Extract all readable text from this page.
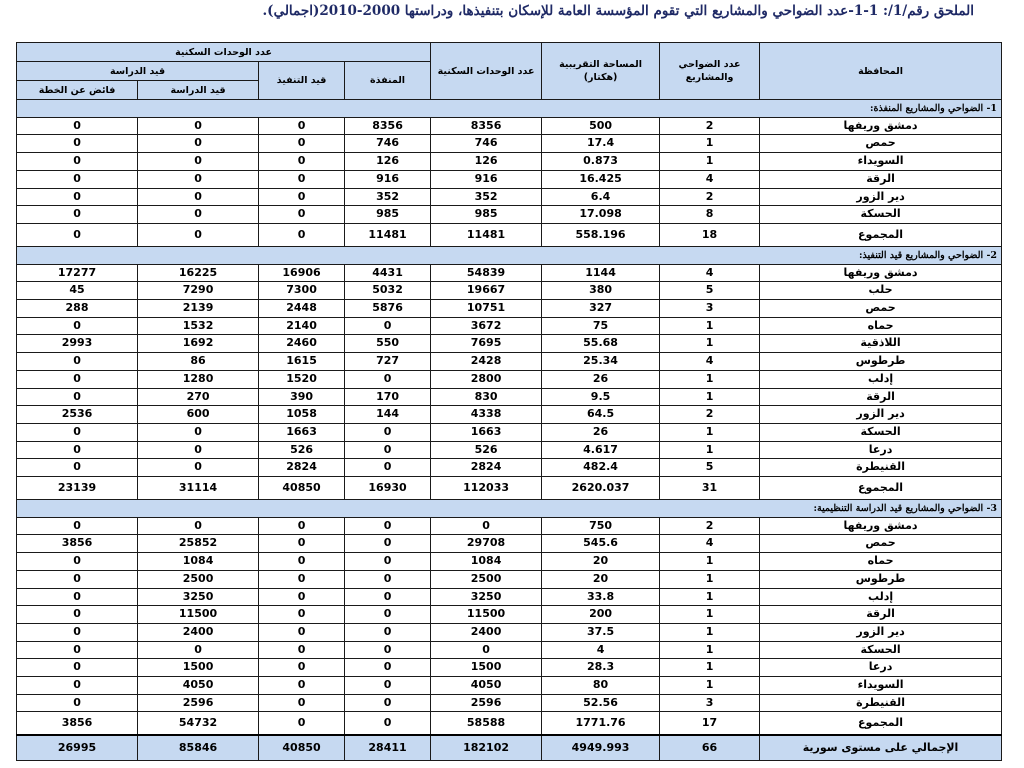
الملحق رقم/1/: 1-1-عدد الضواحي والمشاريع التي تقوم المؤسسة العامة للإسكان بتنفيذها، ودراستها 2000-2010(اجمالي).
المحافظة	عدد الضواحي والمشاريع	المساحة التقريبية (هكتار)	عدد الوحدات السكنية	عدد الوحدات السكنية			
				المنفذة	قيد التنفيذ	قيد الدراسة	
						قيد الدراسة	فائض عن الخطة
1- الضواحي والمشاريع المنفذة:							
دمشق وريفها	2	500	8356	8356	0	0	0
حمص	1	17.4	746	746	0	0	0
السويداء	1	0.873	126	126	0	0	0
الرقة	4	16.425	916	916	0	0	0
دير الزور	2	6.4	352	352	0	0	0
الحسكة	8	17.098	985	985	0	0	0
المجموع	18	558.196	11481	11481	0	0	0
2- الضواحي والمشاريع قيد التنفيذ:							
دمشق وريفها	4	1144	54839	4431	16906	16225	17277
حلب	5	380	19667	5032	7300	7290	45
حمص	3	327	10751	5876	2448	2139	288
حماه	1	75	3672	0	2140	1532	0
اللاذقية	1	55.68	7695	550	2460	1692	2993
طرطوس	4	25.34	2428	727	1615	86	0
إدلب	1	26	2800	0	1520	1280	0
الرقة	1	9.5	830	170	390	270	0
دير الزور	2	64.5	4338	144	1058	600	2536
الحسكة	1	26	1663	0	1663	0	0
درعا	1	4.617	526	0	526	0	0
القنيطرة	5	482.4	2824	0	2824	0	0
المجموع	31	2620.037	112033	16930	40850	31114	23139
3- الضواحي والمشاريع قيد الدراسة التنظيمية:							
دمشق وريفها	2	750	0	0	0	0	0
حمص	4	545.6	29708	0	0	25852	3856
حماه	1	20	1084	0	0	1084	0
طرطوس	1	20	2500	0	0	2500	0
إدلب	1	33.8	3250	0	0	3250	0
الرقة	1	200	11500	0	0	11500	0
دير الزور	1	37.5	2400	0	0	2400	0
الحسكة	1	4	0	0	0	0	0
درعا	1	28.3	1500	0	0	1500	0
السويداء	1	80	4050	0	0	4050	0
القنيطرة	3	52.56	2596	0	0	2596	0
المجموع	17	1771.76	58588	0	0	54732	3856
الإجمالي على مستوى سورية	66	4949.993	182102	28411	40850	85846	26995
